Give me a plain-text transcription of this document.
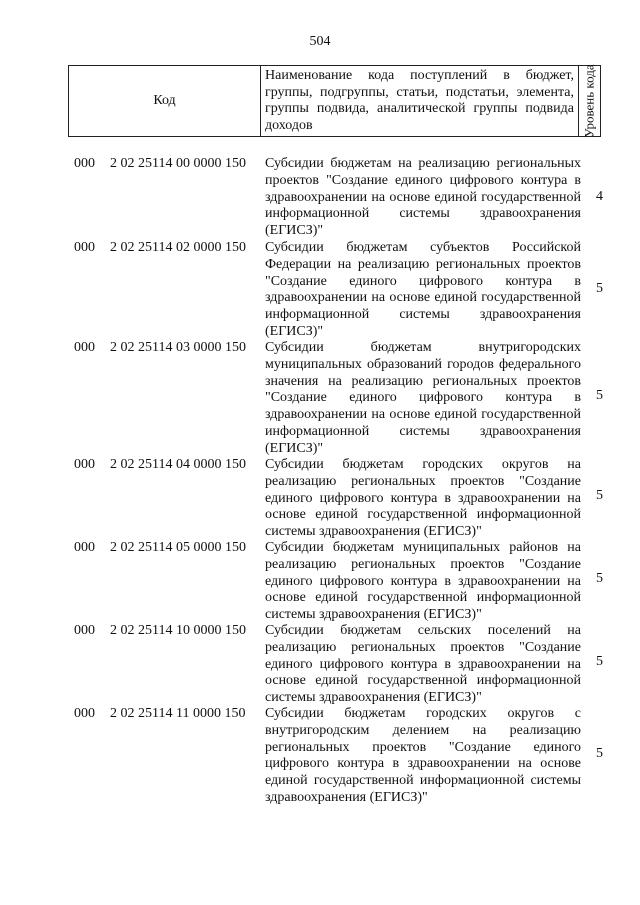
504
Код
Наименование кода поступлений в бюджет, группы, подгруппы, статьи, подстатьи, элемента, группы подвида, аналитической группы подвида доходов	Уровень кода
000 2 02 25114 00 0000 150 Субсидии бюджетам на реализацию региональных проектов "Создание единого цифрового контура в здравоохранении на основе единой государственной информационной системы здравоохранения (ЕГИСЗ)"
4
000 2 02 25114 02 0000 150 Субсидии бюджетам субъектов Российской Федерации на реализацию региональных проектов "Создание единого цифрового контура в здравоохранении на основе единой государственной информационной системы здравоохранения (ЕГИСЗ)"
5
000 2 02 25114 03 0000 150 Субсидии бюджетам внутригородских муниципальных образований городов федерального значения на реализацию региональных проектов "Создание единого цифрового контура в здравоохранении на основе единой государственной информационной системы здравоохранения (ЕГИСЗ)"
5
000 2 02 25114 04 0000 150 Субсидии бюджетам городских округов на реализацию региональных проектов "Создание единого цифрового контура в здравоохранении на основе единой государственной информационной системы здравоохранения (ЕГИСЗ)"
5
000 2 02 25114 05 0000 150 Субсидии бюджетам муниципальных районов на реализацию региональных проектов "Создание единого цифрового контура в здравоохранении на основе единой государственной информационной системы здравоохранения (ЕГИСЗ)"
5
000 2 02 25114 10 0000 150 Субсидии бюджетам сельских поселений на реализацию региональных проектов "Создание единого цифрового контура в здравоохранении на основе единой государственной информационной системы здравоохранения (ЕГИСЗ)"
5
000 2 02 25114 11 0000 150 Субсидии бюджетам городских округов с внутригородским делением на реализацию региональных проектов "Создание единого цифрового контура в здравоохранении на основе единой государственной информационной системы здравоохранения (ЕГИСЗ)"
5
